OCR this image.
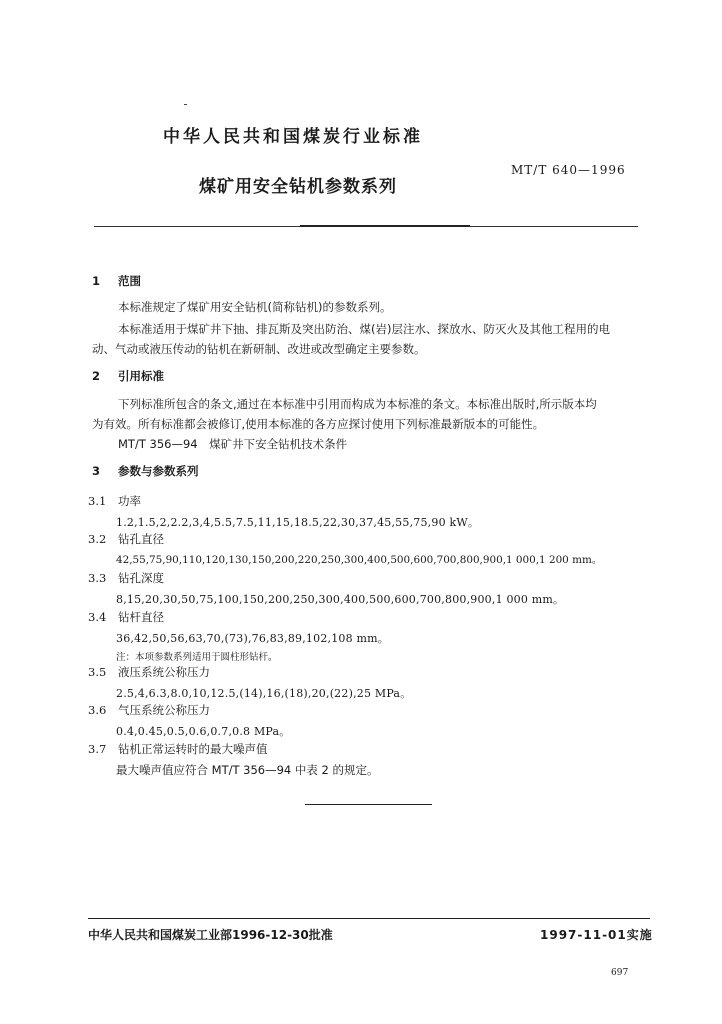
中华人民共和国煤炭行业标准
MT/T 640—1996
煤矿用安全钻机参数系列
1 范围
本标准规定了煤矿用安全钻机(简称钻机)的参数系列。
本标准适用于煤矿井下抽、排瓦斯及突出防治、煤(岩)层注水、探放水、防灭火及其他工程用的电
动、气动或液压传动的钻机在新研制、改进或改型确定主要参数。
2 引用标准
下列标准所包含的条文,通过在本标准中引用而构成为本标准的条文。本标准出版时,所示版本均
为有效。所有标准都会被修订,使用本标准的各方应探讨使用下列标准最新版本的可能性。
MT/T 356—94　煤矿井下安全钻机技术条件
3 参数与参数系列
3.1 功率
1.2,1.5,2,2.2,3,4,5.5,7.5,11,15,18.5,22,30,37,45,55,75,90 kW。
3.2 钻孔直径
42,55,75,90,110,120,130,150,200,220,250,300,400,500,600,700,800,900,1 000,1 200 mm。
3.3 钻孔深度
8,15,20,30,50,75,100,150,200,250,300,400,500,600,700,800,900,1 000 mm。
3.4 钻杆直径
36,42,50,56,63,70,(73),76,83,89,102,108 mm。
注：本项参数系列适用于圆柱形钻杆。
3.5 液压系统公称压力
2.5,4,6.3,8.0,10,12.5,(14),16,(18),20,(22),25 MPa。
3.6 气压系统公称压力
0.4,0.45,0.5,0.6,0.7,0.8 MPa。
3.7 钻机正常运转时的最大噪声值
最大噪声值应符合 MT/T 356—94 中表 2 的规定。
中华人民共和国煤炭工业部1996-12-30批准	1997-11-01实施
697
